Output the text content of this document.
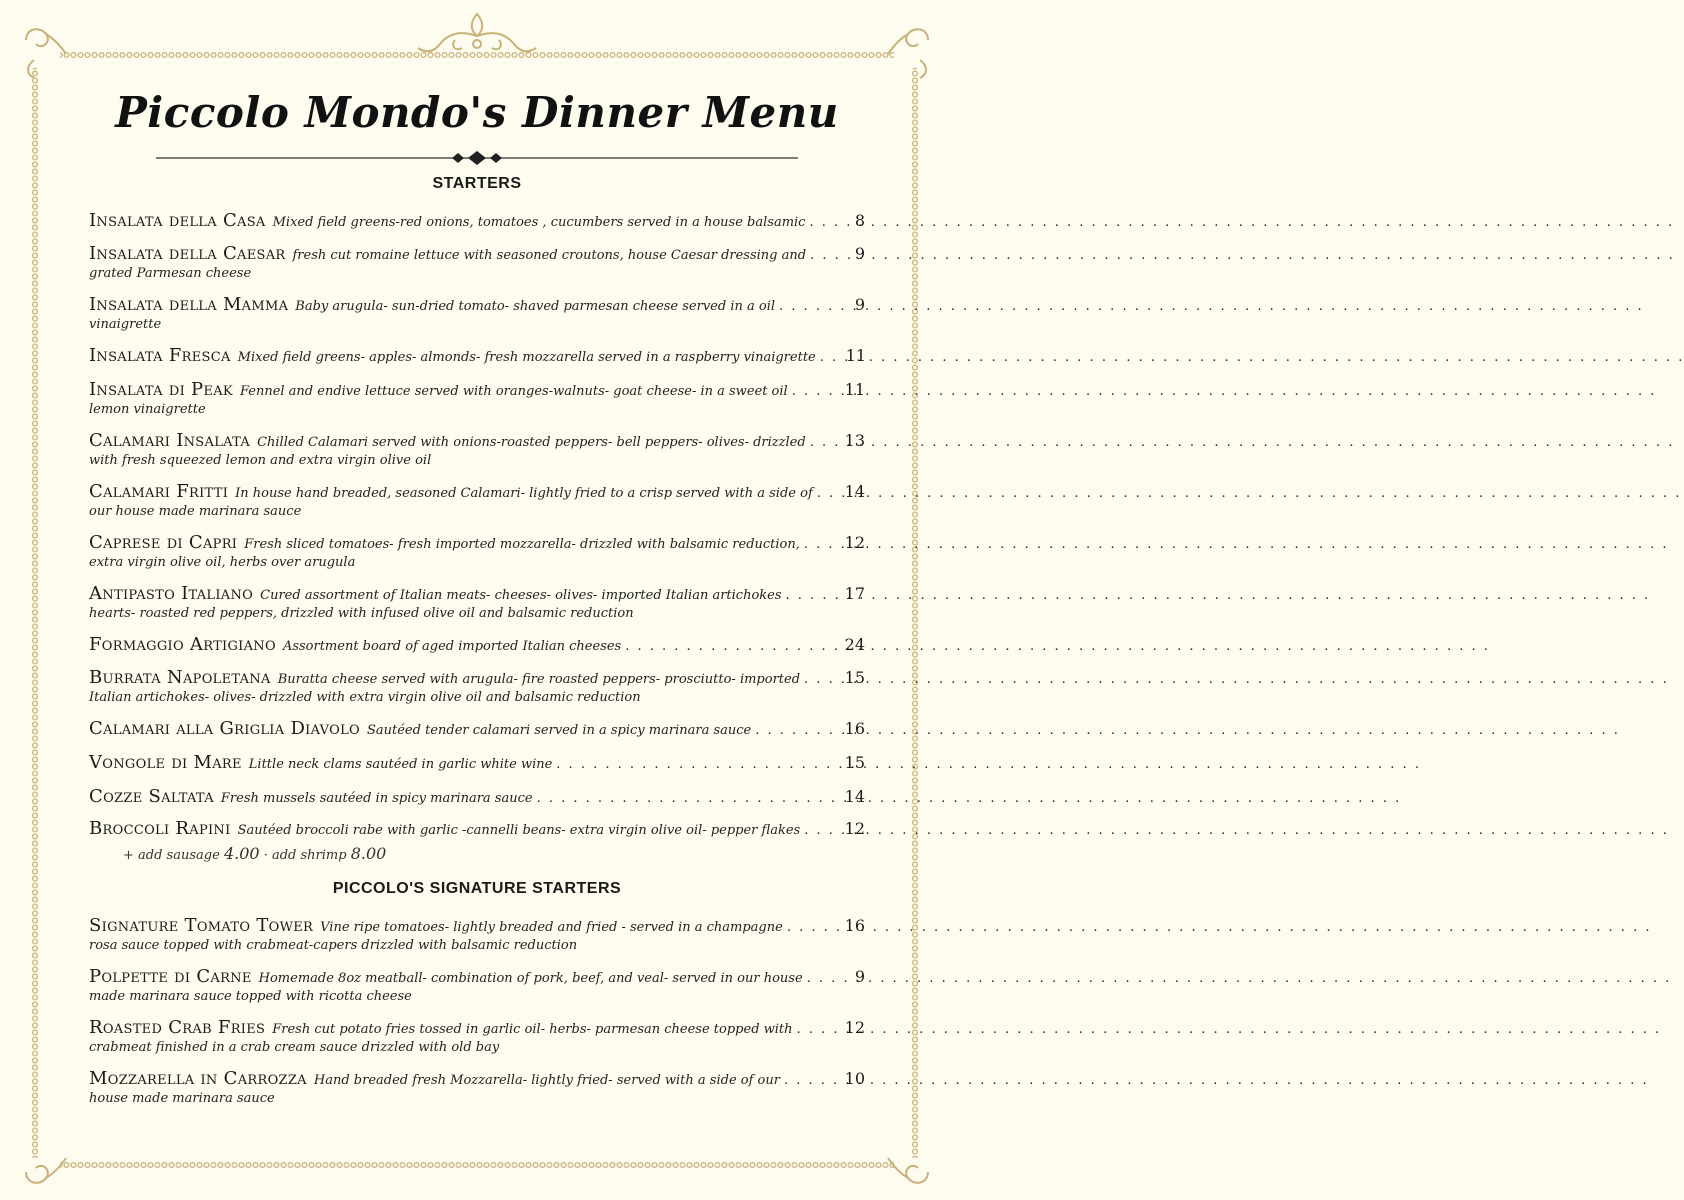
Piccolo Mondo's Dinner Menu
STARTERS
Insalata della Casa Mixed field greens-red onions, tomatoes , cucumbers served in a house balsamic . . .	8
Insalata della Caesar fresh cut romaine lettuce with seasoned croutons, house Caesar dressing and . . .	9
grated Parmesan cheese
Insalata della Mamma Baby arugula- sun-dried tomato- shaved parmesan cheese served in a oil . . .	9
vinaigrette
Insalata Fresca Mixed field greens- apples- almonds- fresh mozzarella served in a raspberry vinaigrette . . . 11
Insalata di Peak Fennel and endive lettuce served with oranges-walnuts- goat cheese- in a sweet oil . . .	11
lemon vinaigrette
Calamari Insalata Chilled Calamari served with onions-roasted peppers- bell peppers- olives- drizzled . . . 13
with fresh squeezed lemon and extra virgin olive oil
Calamari Fritti In house hand breaded, seasoned Calamari- lightly fried to a crisp served with a side of . . . 14
our house made marinara sauce
Caprese di Capri Fresh sliced tomatoes- fresh imported mozzarella- drizzled with balsamic reduction, . . .	12
extra virgin olive oil, herbs over arugula
Antipasto Italiano Cured assortment of Italian meats- cheeses- olives- imported Italian artichokes . . .	17
hearts- roasted red peppers, drizzled with infused olive oil and balsamic reduction
Formaggio Artigiano Assortment board of aged imported Italian cheeses . . .	24
Burrata Napoletana Buratta cheese served with arugula- fire roasted peppers- prosciutto- imported . . .	15
Italian artichokes- olives- drizzled with extra virgin olive oil and balsamic reduction
Calamari alla Griglia Diavolo Sautéed tender calamari served in a spicy marinara sauce . . .	16
Vongole di Mare Little neck clams sautéed in garlic white wine . . .	15
Cozze Saltata Fresh mussels sautéed in spicy marinara sauce . . .	14
Broccoli Rapini Sautéed broccoli rabe with garlic -cannelli beans- extra virgin olive oil- pepper flakes . . .	12
+ add sausage 4.00 · add shrimp 8.00
PICCOLO'S SIGNATURE STARTERS
Signature Tomato Tower Vine ripe tomatoes- lightly breaded and fried - served in a champagne . . .	16
rosa sauce topped with crabmeat-capers drizzled with balsamic reduction
Polpette di Carne Homemade 8oz meatball- combination of pork, beef, and veal- served in our house . . .	9
made marinara sauce topped with ricotta cheese
Roasted Crab Fries Fresh cut potato fries tossed in garlic oil- herbs- parmesan cheese topped with . . .	12
crabmeat finished in a crab cream sauce drizzled with old bay
Mozzarella in Carrozza Hand breaded fresh Mozzarella- lightly fried- served with a side of our . . .	10
house made marinara sauce
